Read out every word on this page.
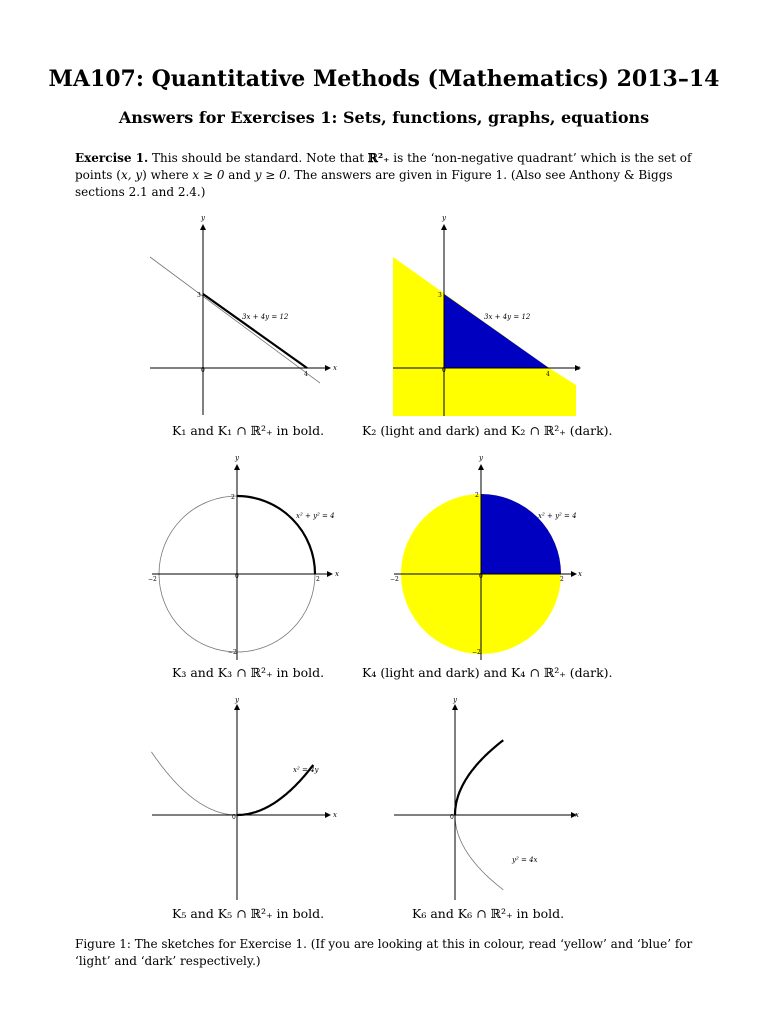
MA107: Quantitative Methods (Mathematics) 2013–14
Answers for Exercises 1: Sets, functions, graphs, equations

Exercise 1. This should be standard. Note that ℝ²₊ is the ‘non-negative quadrant’ which is the set of points (x, y) where x ≥ 0 and y ≥ 0. The answers are given in Figure 1. (Also see Anthony & Biggs sections 2.1 and 2.4.)

x
y
0
4
3
3x + 4y = 12
x
y
0
4
3
3x + 4y = 12
x
y
0	2
−2
2
−2
x² + y² = 4
x
y
0	2
−2
2
−2
x² + y² = 4
x
y
0
x² = 4y
x
y
0
y² = 4x

K₁ and K₁ ∩ ℝ²₊ in bold.	K₂ (light and dark) and K₂ ∩ ℝ²₊ (dark).

K₃ and K₃ ∩ ℝ²₊ in bold.	K₄ (light and dark) and K₄ ∩ ℝ²₊ (dark).

K₅ and K₅ ∩ ℝ²₊ in bold.	K₆ and K₆ ∩ ℝ²₊ in bold.

Figure 1: The sketches for Exercise 1. (If you are looking at this in colour, read ‘yellow’ and ‘blue’ for ‘light’ and ‘dark’ respectively.)
